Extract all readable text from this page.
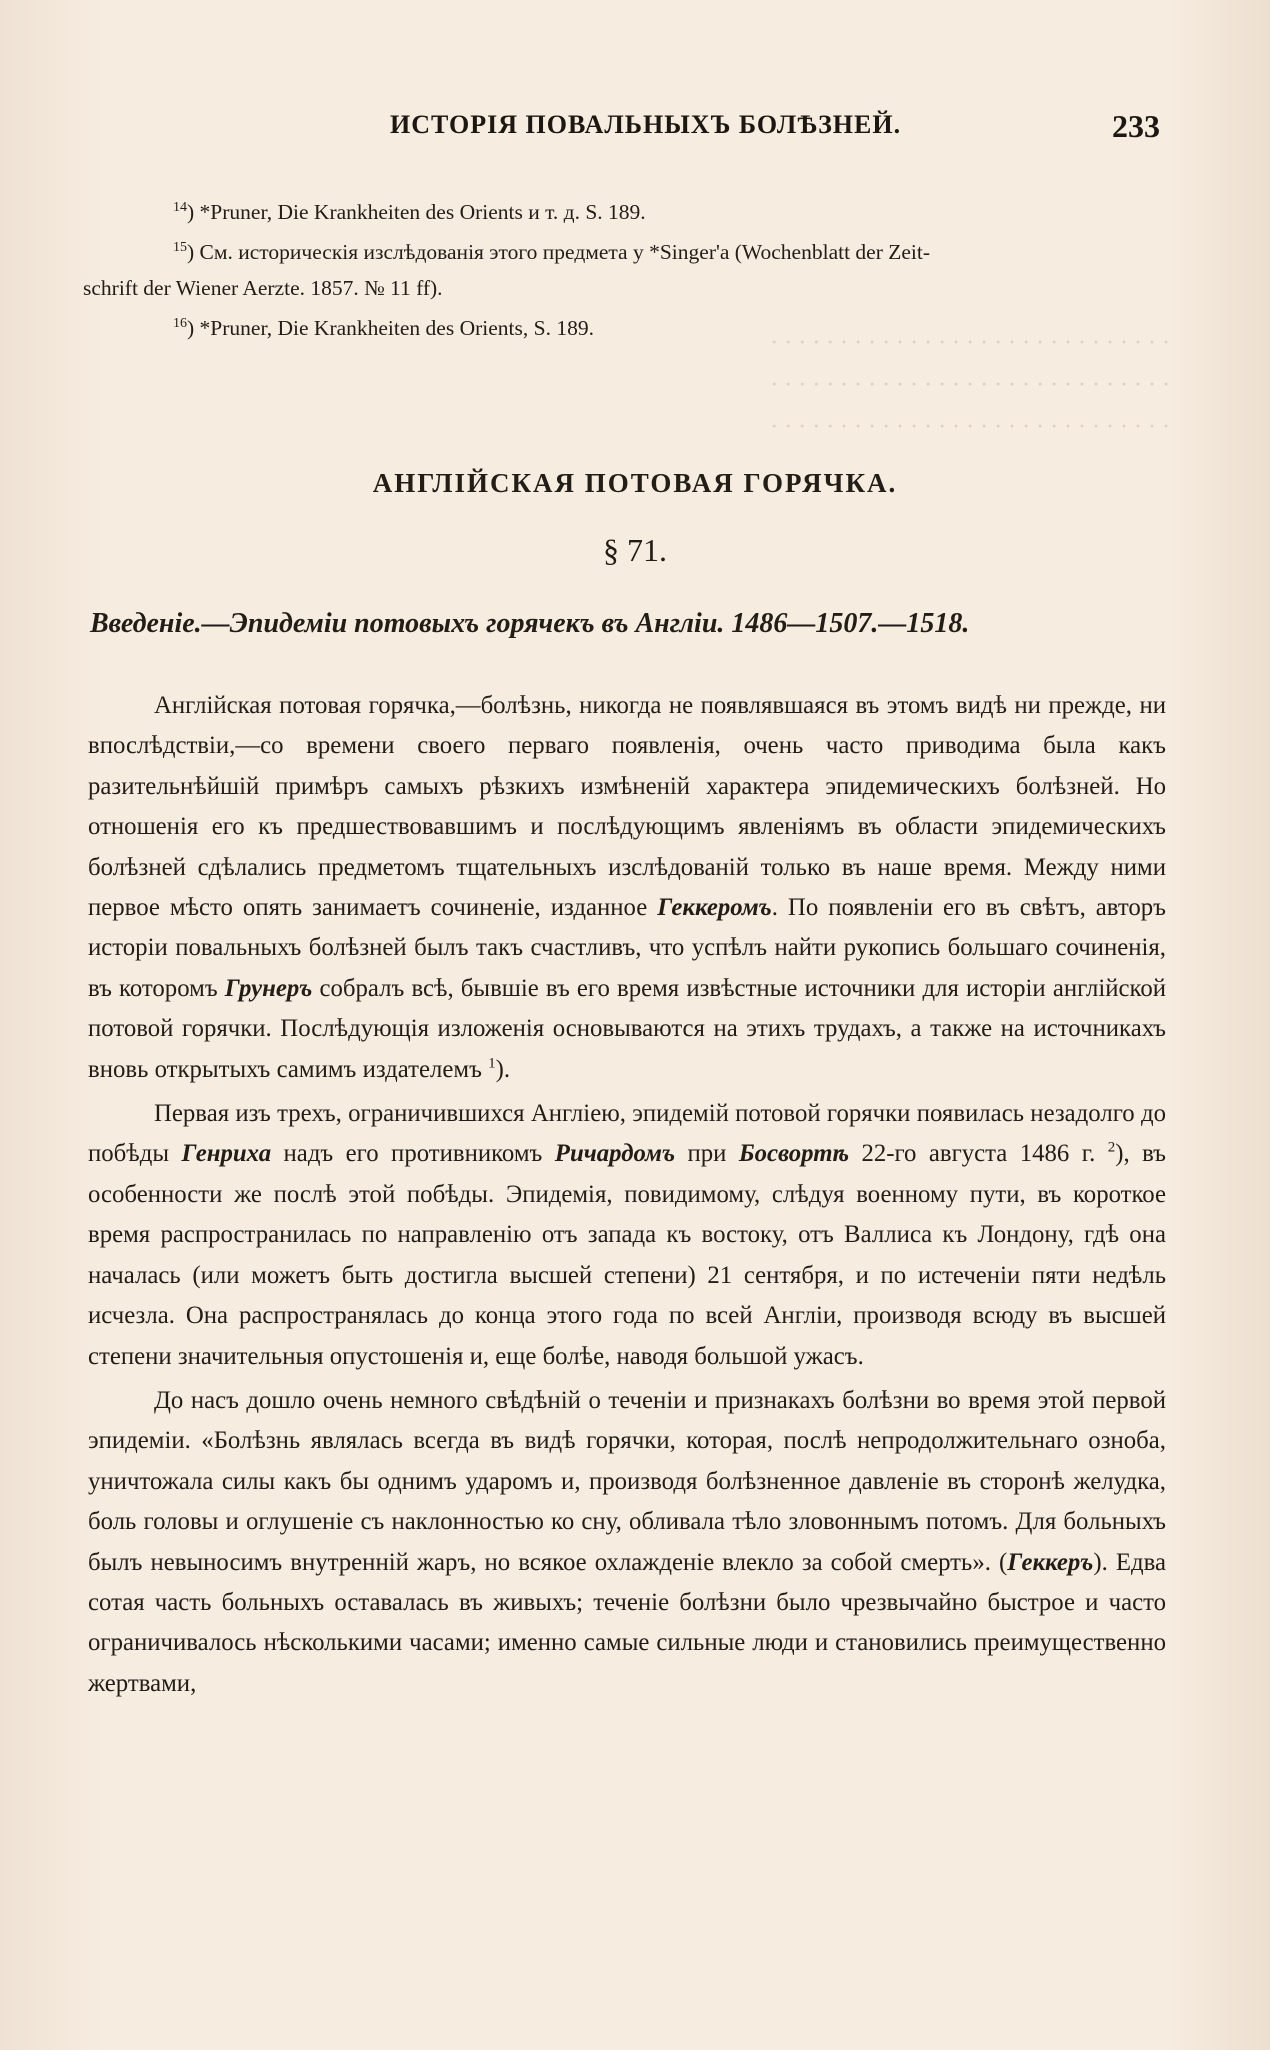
· · · · · · · · · · · · · · · · · · · · · · · · · · · · ·
· · · · · · · · · · · · · · · · · · · · · · · · · · · · ·
· · · · · · · · · · · · · · · · · · · · · · · · · · · · ·
ИСТОРІЯ ПОВАЛЬНЫХЪ БОЛѢЗНЕЙ.	233
$^{14}$) *Pruner, Die Krankheiten des Orients и т. д. S. 189.
$^{15}$) См. историческія изслѣдованія этого предмета у *Singer'а (Wochenblatt der Zeit-
schrift der Wiener Aerzte. 1857. № 11 ff).
$^{16}$) *Pruner, Die Krankheiten des Orients, S. 189.
АНГЛІЙСКАЯ ПОТОВАЯ ГОРЯЧКА.
§ 71.
Введеніе.—Эпидеміи потовыхъ горячекъ въ Англіи. 1486—1507.—1518.

Англійская потовая горячка,—болѣзнь, никогда не появлявшаяся въ этомъ видѣ ни прежде, ни впослѣдствіи,—со времени своего перваго появленія, очень часто приводима была какъ разительнѣйшій примѣръ самыхъ рѣзкихъ измѣненій характера эпидемическихъ болѣзней. Но отношенія его къ предшествовавшимъ и послѣдующимъ явленіямъ въ области эпидемическихъ болѣзней сдѣлались предметомъ тщательныхъ изслѣдованій только въ наше время. Между ними первое мѣсто опять занимаетъ сочиненіе, изданное Геккеромъ. По появленіи его въ свѣтъ, авторъ исторіи повальныхъ болѣзней былъ такъ счастливъ, что успѣлъ найти рукопись большаго сочиненія, въ которомъ Грунеръ собралъ всѣ, бывшіе въ его время извѣстные источники для исторіи англійской потовой горячки. Послѣдующія изложенія основываются на этихъ трудахъ, а также на источникахъ вновь открытыхъ самимъ издателемъ $^1$).

Первая изъ трехъ, ограничившихся Англіею, эпидемій потовой горячки появилась незадолго до побѣды Генриха надъ его противникомъ Ричардомъ при Босвортѣ 22-го августа 1486 г. $^2$), въ особенности же послѣ этой побѣды. Эпидемія, повидимому, слѣдуя военному пути, въ короткое время распространилась по направленію отъ запада къ востоку, отъ Валлиса къ Лондону, гдѣ она началась (или можетъ быть достигла высшей степени) 21 сентября, и по истеченіи пяти недѣль исчезла. Она распространялась до конца этого года по всей Англіи, производя всюду въ высшей степени значительныя опустошенія и, еще болѣе, наводя большой ужасъ.

До насъ дошло очень немного свѣдѣній о теченіи и признакахъ болѣзни во время этой первой эпидеміи. «Болѣзнь являлась всегда въ видѣ горячки, которая, послѣ непродолжительнаго озноба, уничтожала силы какъ бы однимъ ударомъ и, производя болѣзненное давленіе въ сторонѣ желудка, боль головы и оглушеніе съ наклонностью ко сну, обливала тѣло зловоннымъ потомъ. Для больныхъ былъ невыносимъ внутренній жаръ, но всякое охлажденіе влекло за собой смерть». (Геккеръ). Едва сотая часть больныхъ оставалась въ живыхъ; теченіе болѣзни было чрезвычайно быстрое и часто ограничивалось нѣсколькими часами; именно самые сильные люди и становились преимущественно жертвами,
